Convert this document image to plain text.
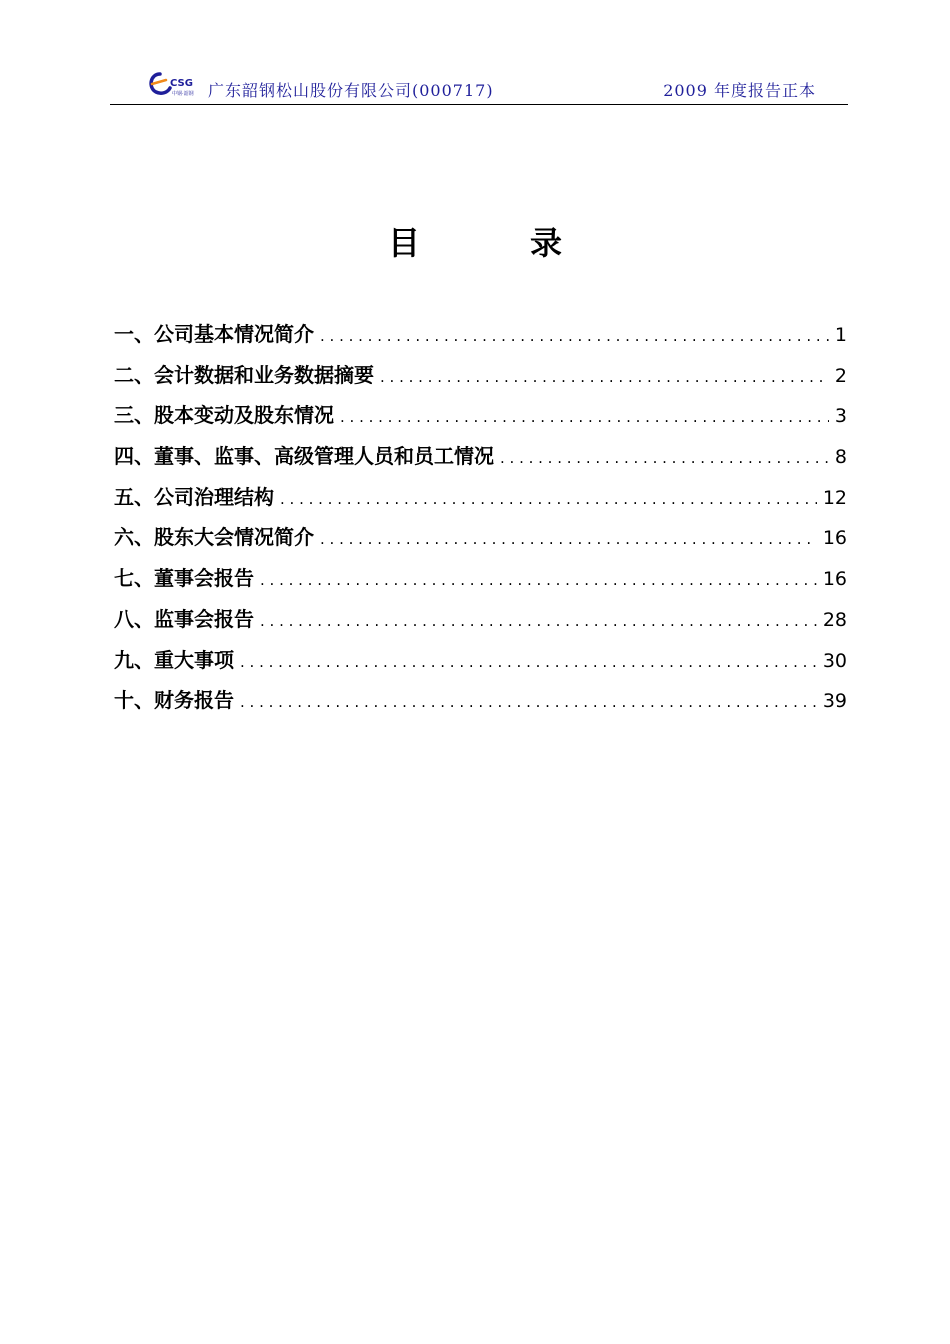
CSG
中钢·韶钢 广东韶钢松山股份有限公司(000717)	2009 年度报告正本
目	录
一、公司基本情况简介 . . .	1
二、会计数据和业务数据摘要 . . .	2
三、股本变动及股东情况 . . .	3
四、董事、监事、高级管理人员和员工情况 . . .	8
五、公司治理结构 . . .	12
六、股东大会情况简介 . . .	16
七、董事会报告 . . .	16
八、监事会报告 . . .	28
九、重大事项 . . .	30
十、财务报告 . . .	39
